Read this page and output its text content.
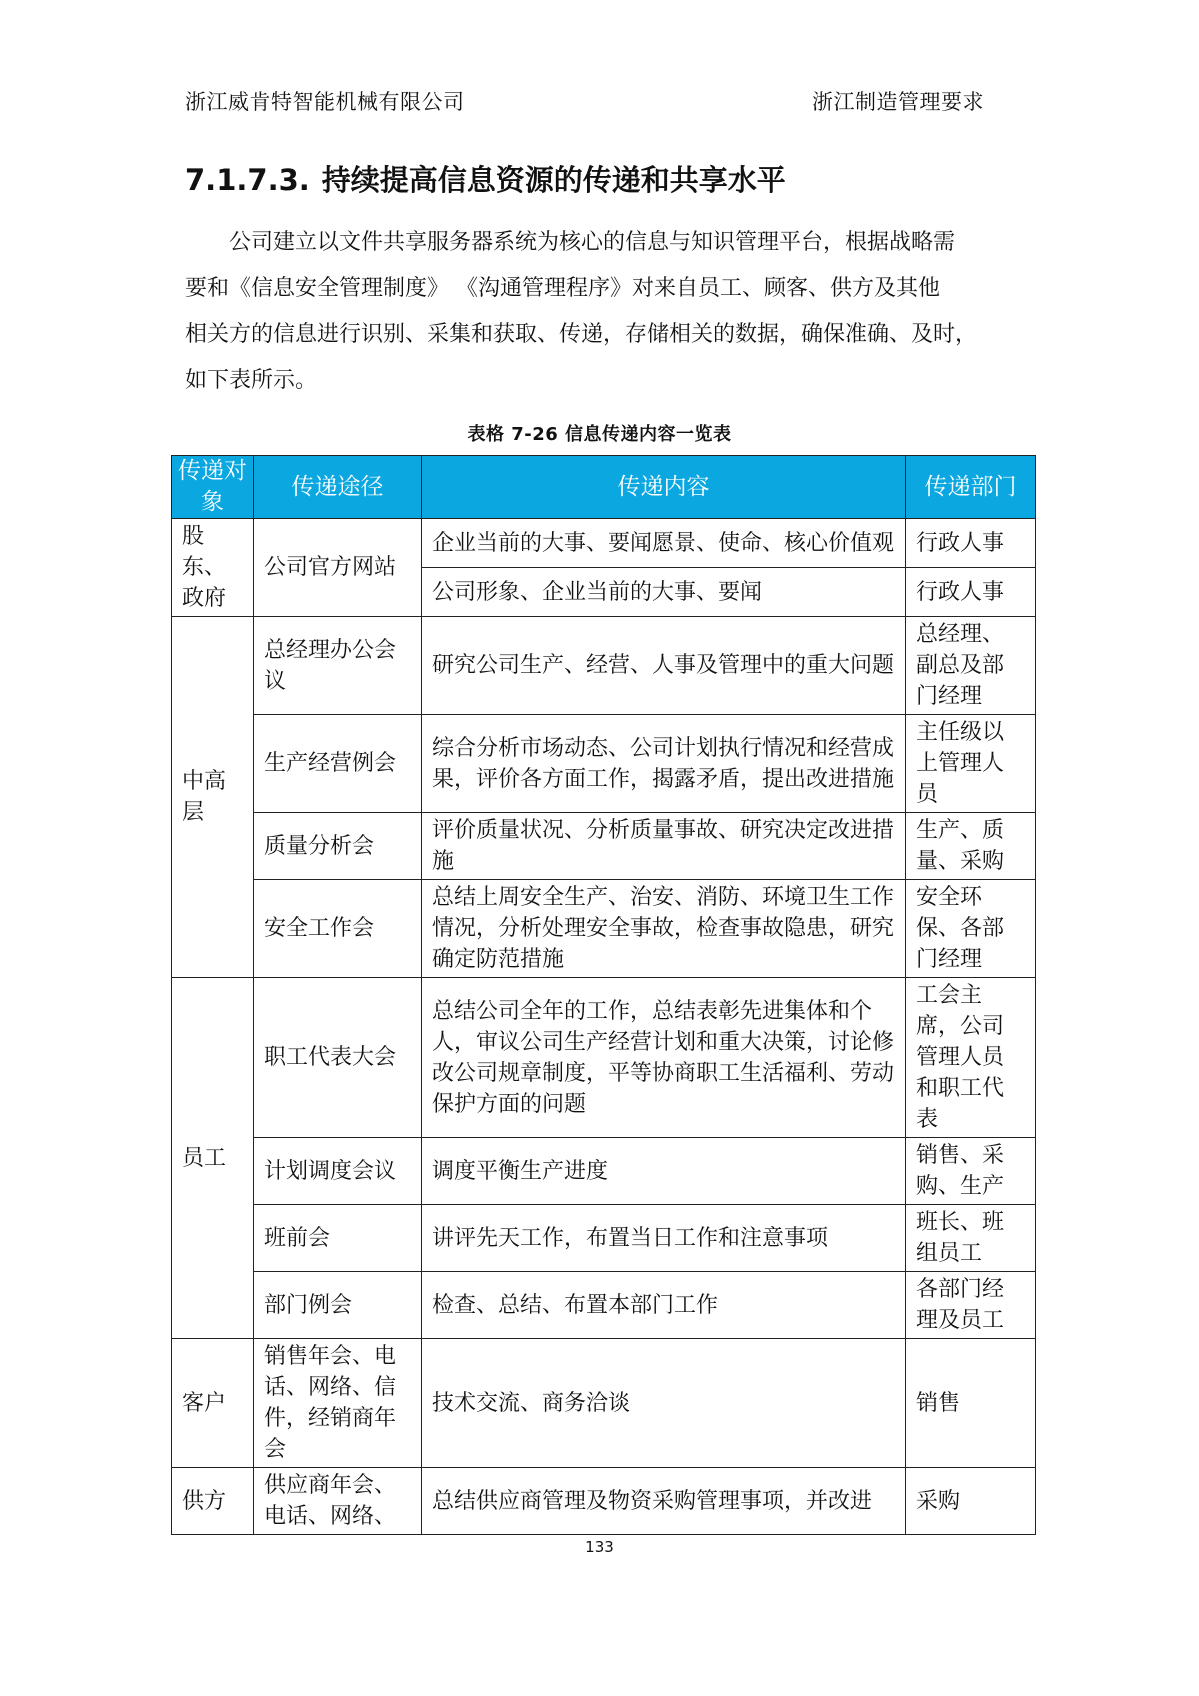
浙江威肯特智能机械有限公司	浙江制造管理要求
7.1.7.3. 持续提高信息资源的传递和共享水平
公司建立以文件共享服务器系统为核心的信息与知识管理平台，根据战略需
要和《信息安全管理制度》 《沟通管理程序》对来自员工、顾客、供方及其他
相关方的信息进行识别、采集和获取、传递，存储相关的数据，确保准确、及时，
如下表所示。
表格 7-26 信息传递内容一览表
传递对象	传递途径	传递内容	传递部门
股东、政府	公司官方网站	企业当前的大事、要闻愿景、使命、核心价值观	行政人事
		公司形象、企业当前的大事、要闻	行政人事
中高层	总经理办公会议	研究公司生产、经营、人事及管理中的重大问题	总经理、副总及部门经理
	生产经营例会	综合分析市场动态、公司计划执行情况和经营成果，评价各方面工作，揭露矛盾，提出改进措施	主任级以上管理人员
	质量分析会	评价质量状况、分析质量事故、研究决定改进措施	生产、质量、采购
	安全工作会	总结上周安全生产、治安、消防、环境卫生工作情况，分析处理安全事故，检查事故隐患，研究确定防范措施	安全环保、各部门经理
员工	职工代表大会	总结公司全年的工作，总结表彰先进集体和个人，审议公司生产经营计划和重大决策，讨论修改公司规章制度，平等协商职工生活福利、劳动保护方面的问题	工会主席，公司管理人员和职工代表
	计划调度会议	调度平衡生产进度	销售、采购、生产
	班前会	讲评先天工作，布置当日工作和注意事项	班长、班组员工
	部门例会	检查、总结、布置本部门工作	各部门经理及员工
客户	销售年会、电话、网络、信件，经销商年会	技术交流、商务洽谈	销售
供方	供应商年会、电话、网络、	总结供应商管理及物资采购管理事项，并改进	采购
133
